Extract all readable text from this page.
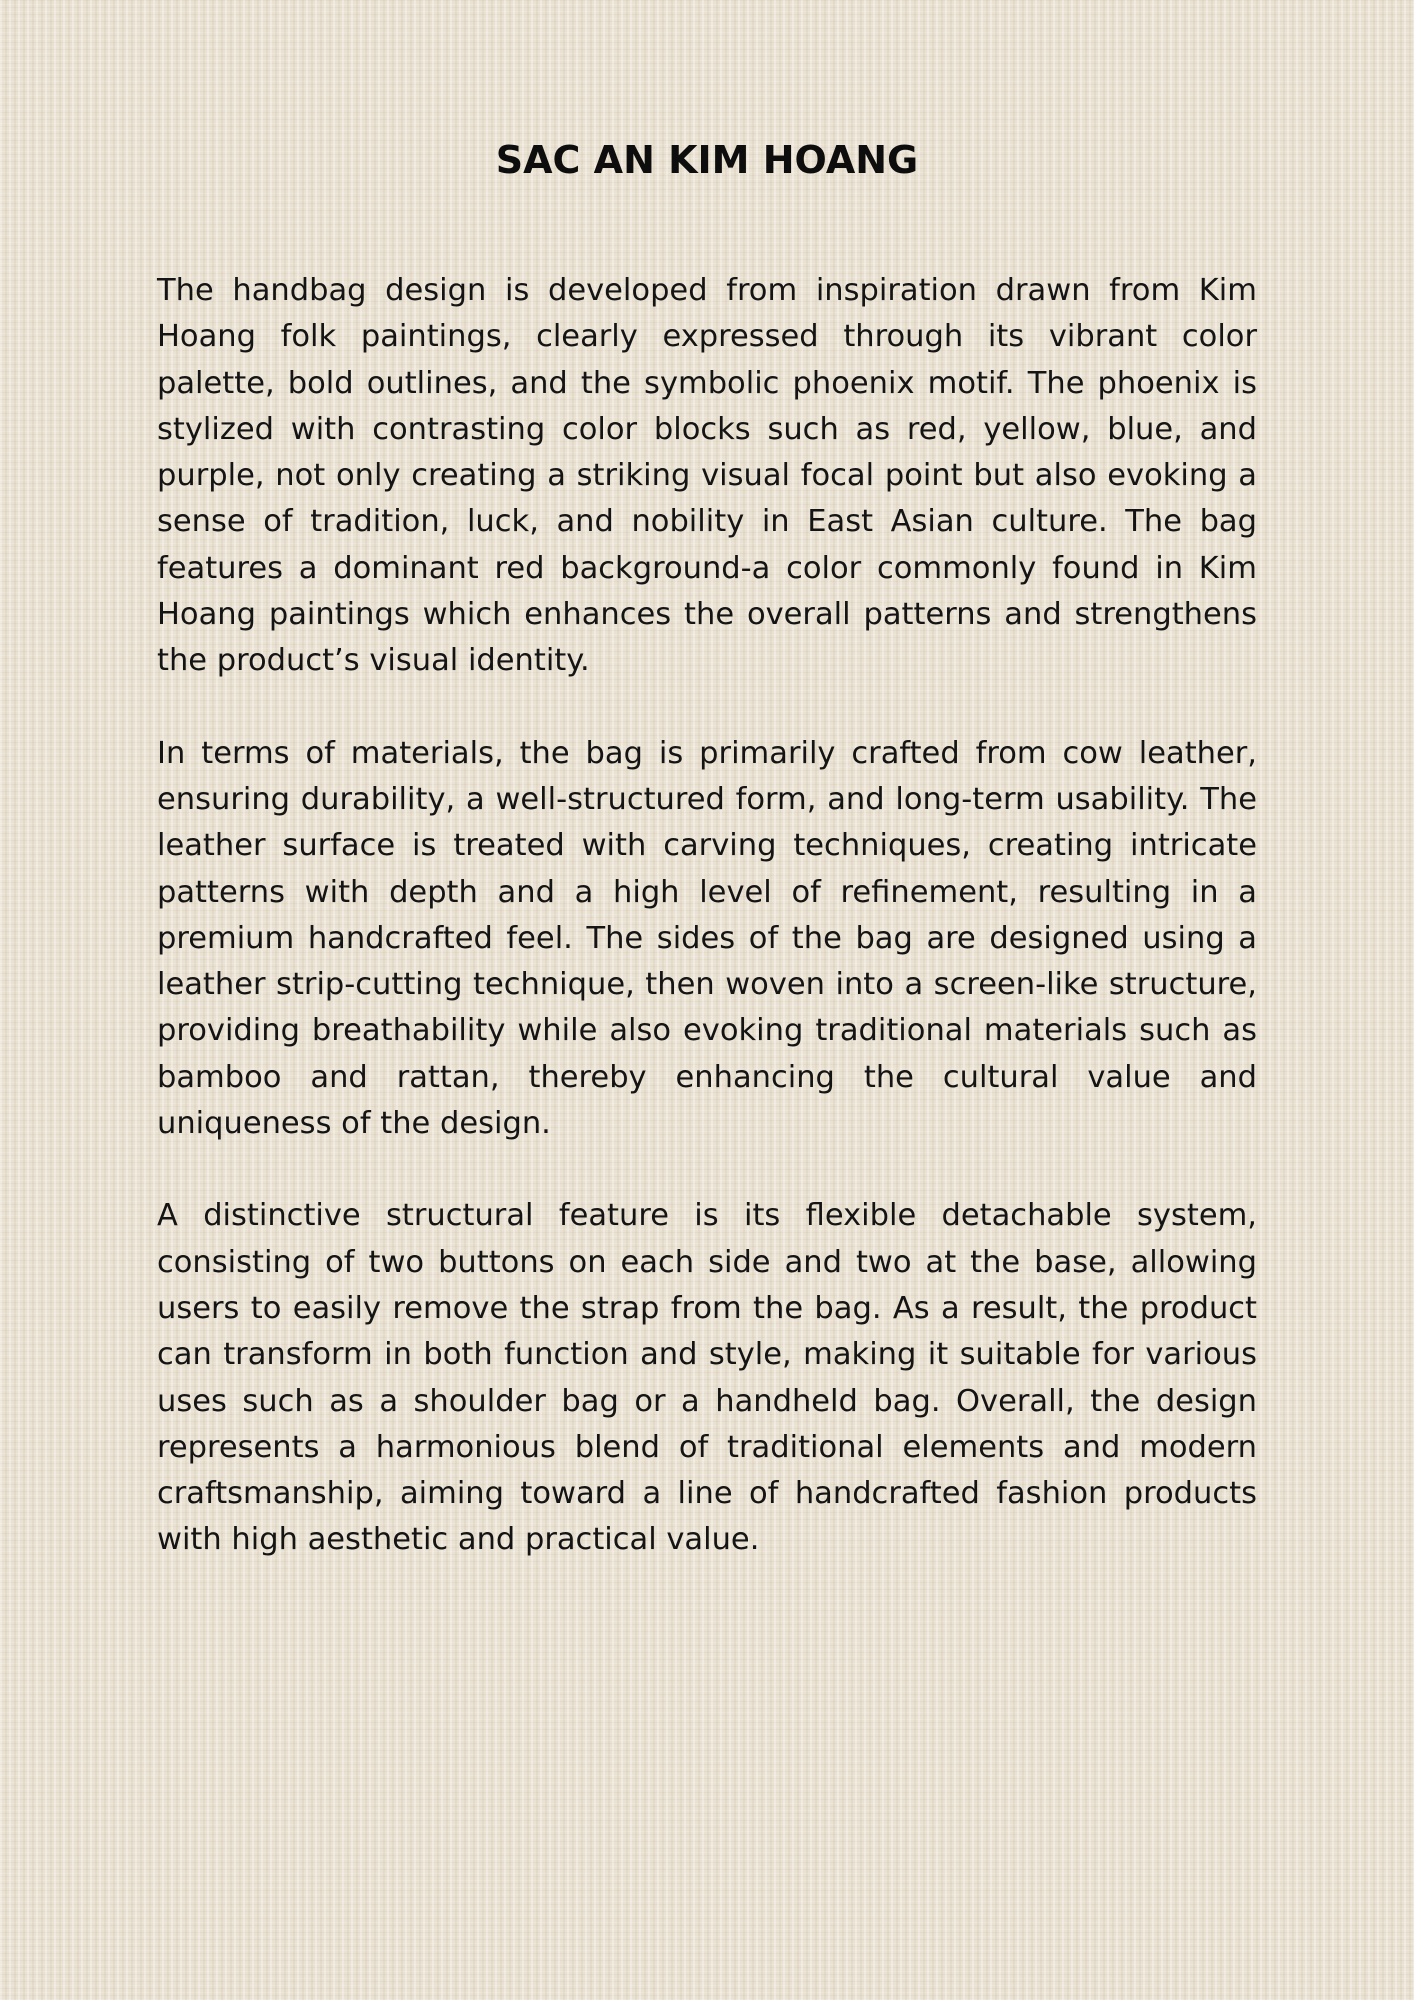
SAC AN KIM HOANG

The handbag design is developed from inspiration drawn from Kim Hoang folk paintings, clearly expressed through its vibrant color palette, bold outlines, and the symbolic phoenix motif. The phoenix is stylized with contrasting color blocks such as red, yellow, blue, and purple, not only creating a striking visual focal point but also evoking a sense of tradition, luck, and nobility in East Asian culture. The bag features a dominant red background-a color commonly found in Kim Hoang paintings which enhances the overall patterns and strengthens the product’s visual identity.

In terms of materials, the bag is primarily crafted from cow leather, ensuring durability, a well-structured form, and long-term usability. The leather surface is treated with carving techniques, creating intricate patterns with depth and a high level of refinement, resulting in a premium handcrafted feel. The sides of the bag are designed using a leather strip-cutting technique, then woven into a screen-like structure, providing breathability while also evoking traditional materials such as bamboo and rattan, thereby enhancing the cultural value and uniqueness of the design.

A distinctive structural feature is its flexible detachable system, consisting of two buttons on each side and two at the base, allowing users to easily remove the strap from the bag. As a result, the product can transform in both function and style, making it suitable for various uses such as a shoulder bag or a handheld bag. Overall, the design represents a harmonious blend of traditional elements and modern craftsmanship, aiming toward a line of handcrafted fashion products with high aesthetic and practical value.
